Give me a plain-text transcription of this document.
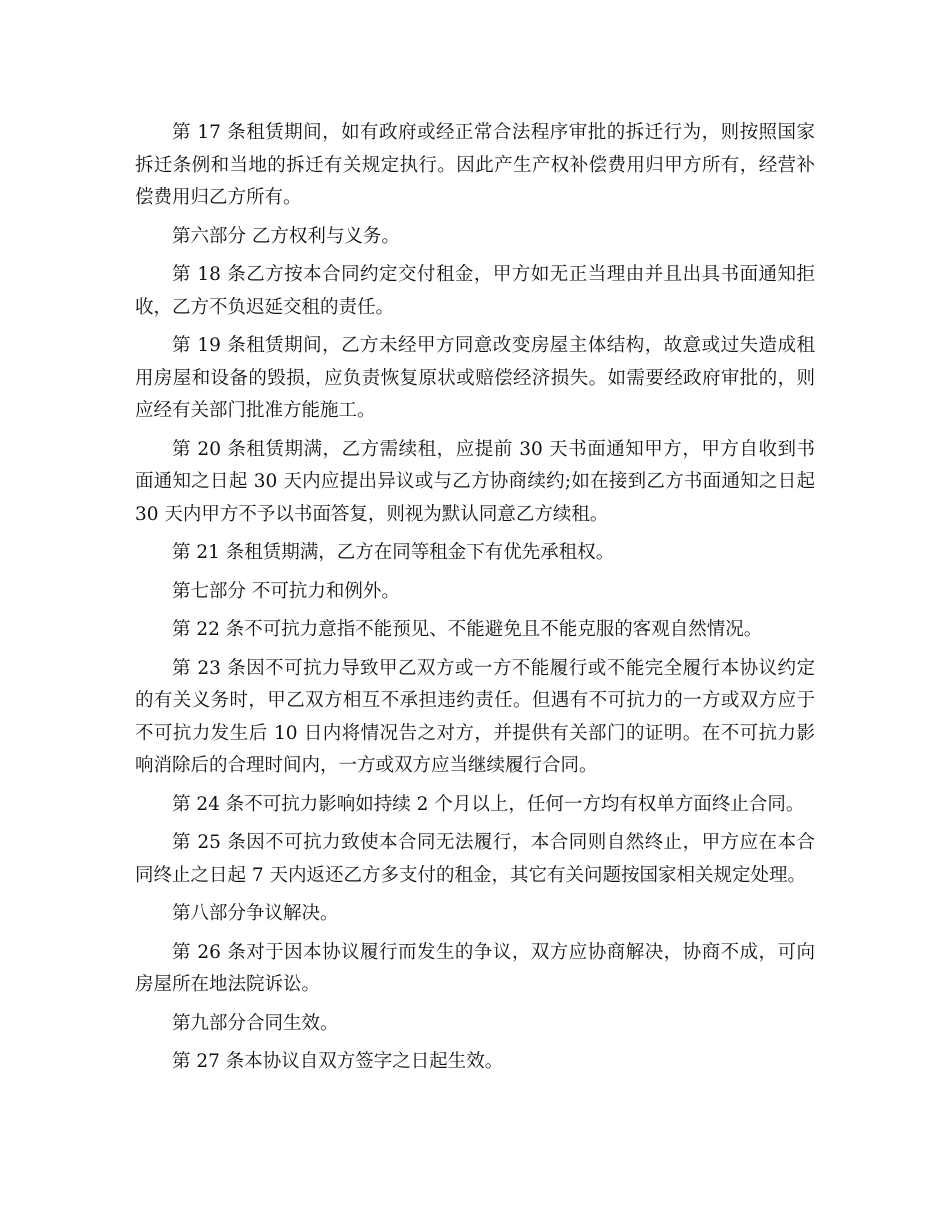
第 17 条租赁期间，如有政府或经正常合法程序审批的拆迁行为，则按照国家拆迁条例和当地的拆迁有关规定执行。因此产生产权补偿费用归甲方所有，经营补偿费用归乙方所有。

第六部分 乙方权利与义务。

第 18 条乙方按本合同约定交付租金，甲方如无正当理由并且出具书面通知拒收，乙方不负迟延交租的责任。

第 19 条租赁期间，乙方未经甲方同意改变房屋主体结构，故意或过失造成租用房屋和设备的毁损，应负责恢复原状或赔偿经济损失。如需要经政府审批的，则应经有关部门批准方能施工。

第 20 条租赁期满，乙方需续租，应提前 30 天书面通知甲方，甲方自收到书面通知之日起 30 天内应提出异议或与乙方协商续约;如在接到乙方书面通知之日起 30 天内甲方不予以书面答复，则视为默认同意乙方续租。

第 21 条租赁期满，乙方在同等租金下有优先承租权。

第七部分 不可抗力和例外。

第 22 条不可抗力意指不能预见、不能避免且不能克服的客观自然情况。

第 23 条因不可抗力导致甲乙双方或一方不能履行或不能完全履行本协议约定的有关义务时，甲乙双方相互不承担违约责任。但遇有不可抗力的一方或双方应于不可抗力发生后 10 日内将情况告之对方，并提供有关部门的证明。在不可抗力影响消除后的合理时间内，一方或双方应当继续履行合同。

第 24 条不可抗力影响如持续 2 个月以上，任何一方均有权单方面终止合同。

第 25 条因不可抗力致使本合同无法履行，本合同则自然终止，甲方应在本合同终止之日起 7 天内返还乙方多支付的租金，其它有关问题按国家相关规定处理。

第八部分争议解决。

第 26 条对于因本协议履行而发生的争议，双方应协商解决，协商不成，可向房屋所在地法院诉讼。

第九部分合同生效。

第 27 条本协议自双方签字之日起生效。
